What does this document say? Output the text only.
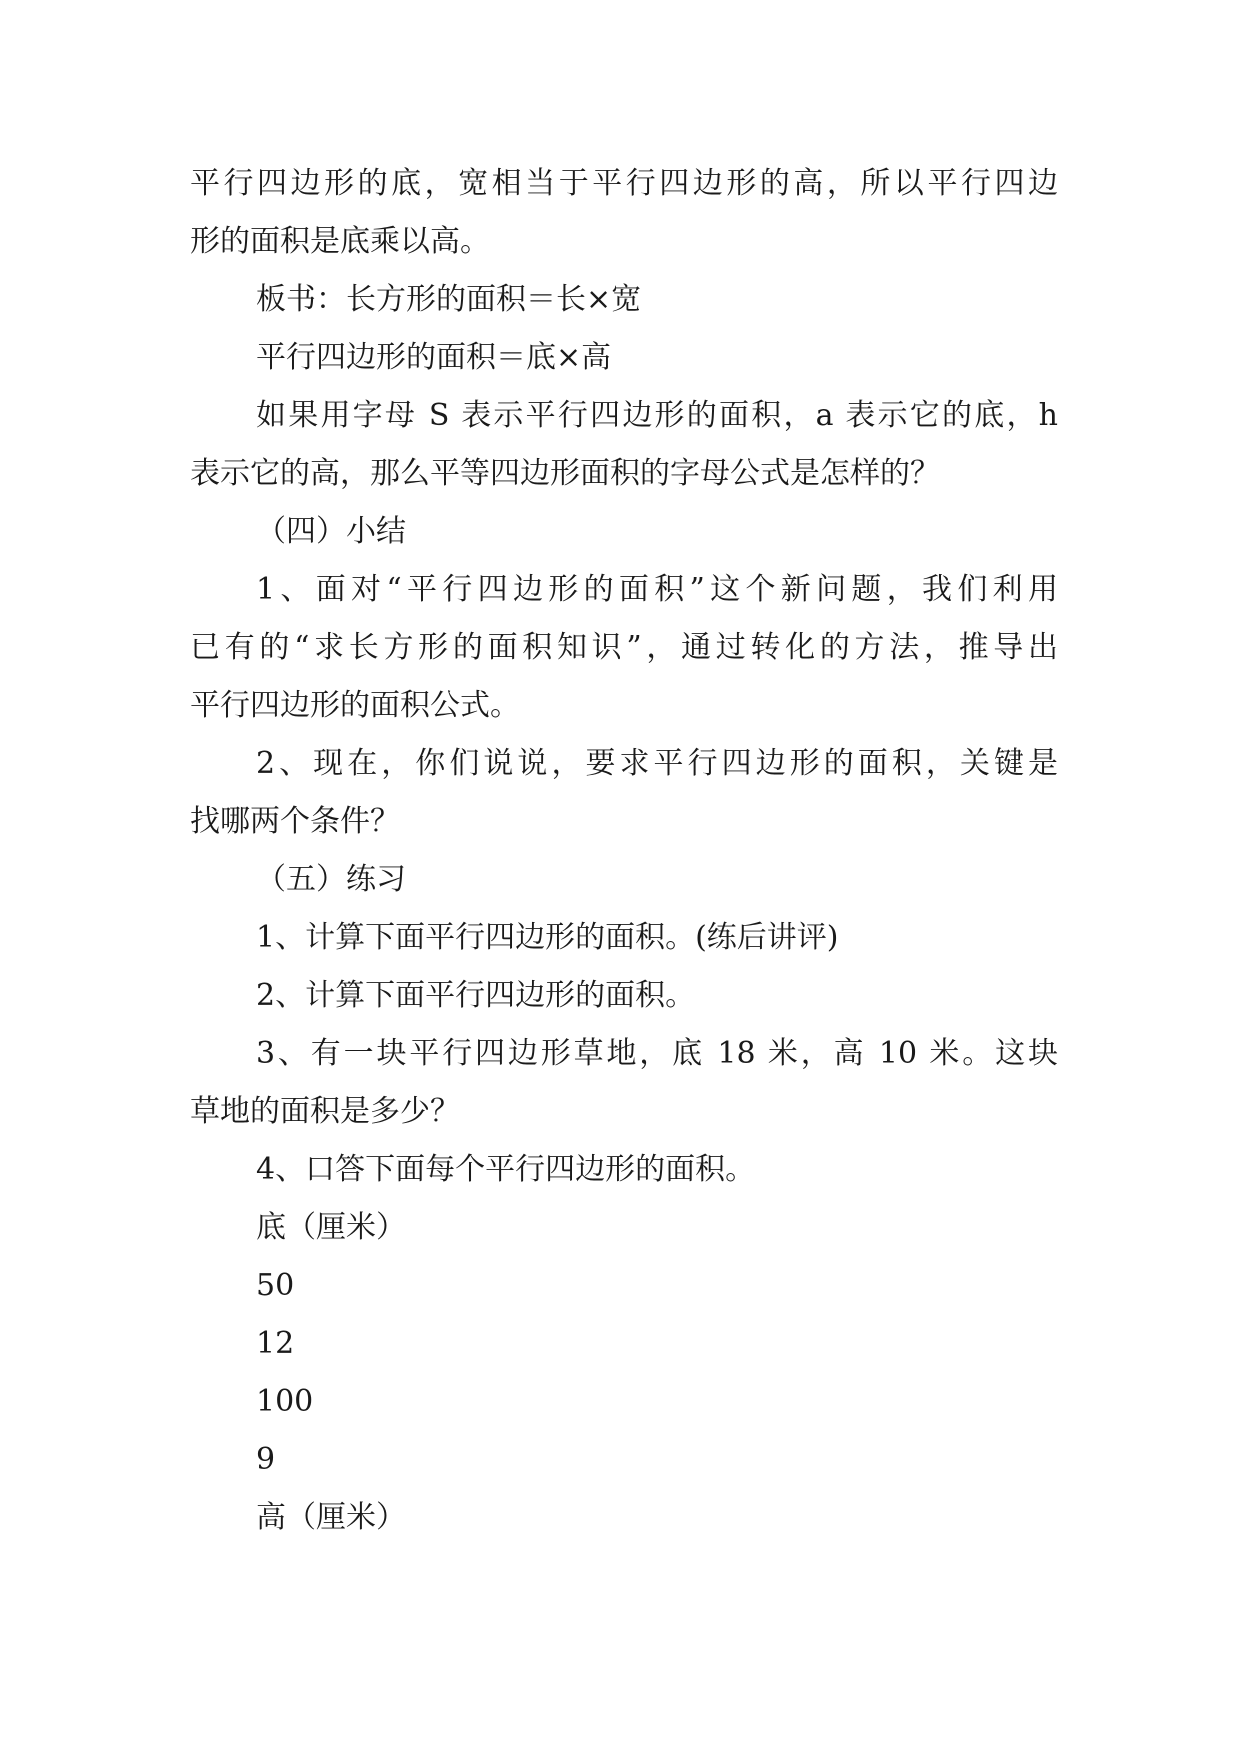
平行四边形的底，宽相当于平行四边形的高，所以平行四边
形的面积是底乘以高。
板书：长方形的面积＝长×宽
平行四边形的面积＝底×高
如果用字母 S 表示平行四边形的面积，a 表示它的底，h
表示它的高，那么平等四边形面积的字母公式是怎样的？
（四）小结
1、面对“平行四边形的面积”这个新问题，我们利用
已有的“求长方形的面积知识”，通过转化的方法，推导出
平行四边形的面积公式。
2、现在，你们说说，要求平行四边形的面积，关键是
找哪两个条件？
（五）练习
1、计算下面平行四边形的面积。(练后讲评)
2、计算下面平行四边形的面积。
3、有一块平行四边形草地，底 18 米，高 10 米。这块
草地的面积是多少？
4、口答下面每个平行四边形的面积。
底（厘米）
50
12
100
9
高（厘米）
